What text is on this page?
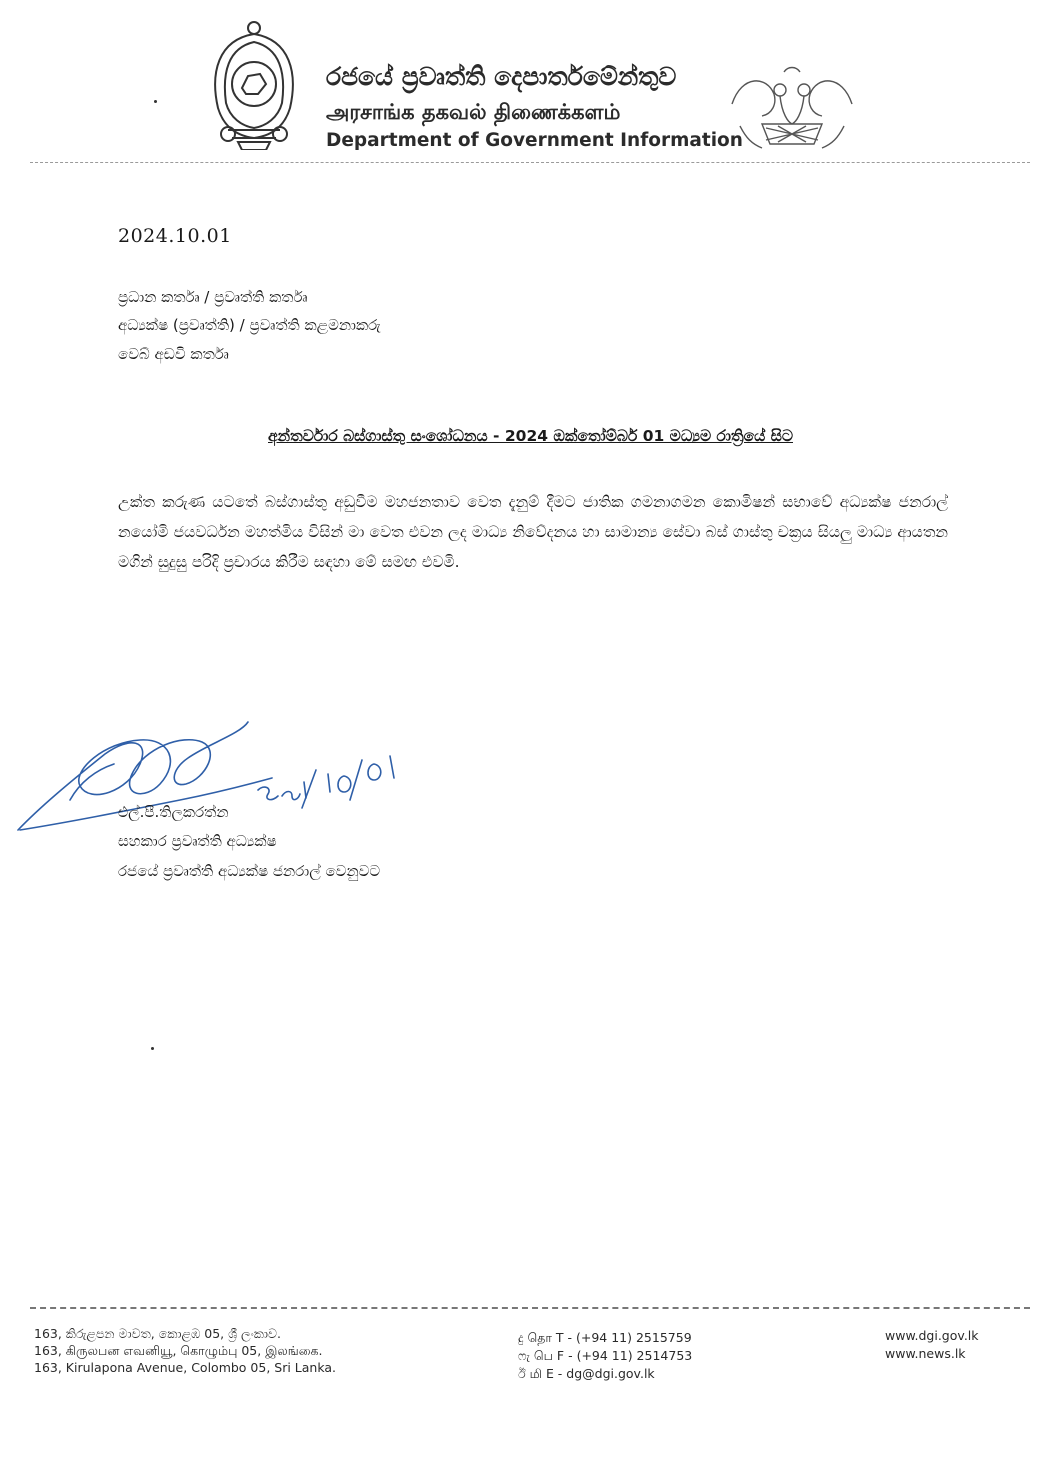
රජයේ ප්‍රවෘත්ති දෙපාර්තමේන්තුව
அரசாங்க தகவல் திணைக்களம்
Department of Government Information
2024.10.01
ප්‍රධාන කර්තෘ / ප්‍රවෘත්ති කර්තෘ
අධ්‍යක්ෂ (ප්‍රවෘත්ති) / ප්‍රවෘත්ති කළමනාකරු
වෙබ් අඩවි කර්තෘ
අන්තර්වාර බස්ගාස්තු සංශෝධනය - 2024 ඔක්තෝම්බර් 01 මධ්‍යම රාත්‍රියේ සිට
උක්ත කරුණ යටතේ බස්ගාස්තු අඩුවීම මහජනතාව වෙත දැනුම් දීමට ජාතික ගමනාගමන කොමිෂන් සභාවේ අධ්‍යක්ෂ ජනරාල් නයෝමි ජයවර්ධන මහත්මිය විසින් මා වෙත එවන ලද මාධ්‍ය නිවේදනය හා සාමාන්‍ය සේවා බස් ගාස්තු චක්‍රය සියලු මාධ්‍ය ආයතන මගින් සුදුසු පරිදි ප්‍රචාරය කිරීම සඳහා මේ සමඟ එවමි.
එල්.පී.තිලකරත්න
සහකාර ප්‍රවෘත්ති අධ්‍යක්ෂ
රජයේ ප්‍රවෘත්ති අධ්‍යක්ෂ ජනරාල් වෙනුවට
163, කිරුළපන මාවත, කොළඹ 05, ශ්‍රී ලංකාව.
163, கிருலபன எவனியூ, கொழும்பு 05, இலங்கை.
163, Kirulapona Avenue, Colombo 05, Sri Lanka.
දු தொ T - (+94 11) 2515759
ෆැ பெ F - (+94 11) 2514753
ඊ மி E - dg@dgi.gov.lk
www.dgi.gov.lk
www.news.lk
